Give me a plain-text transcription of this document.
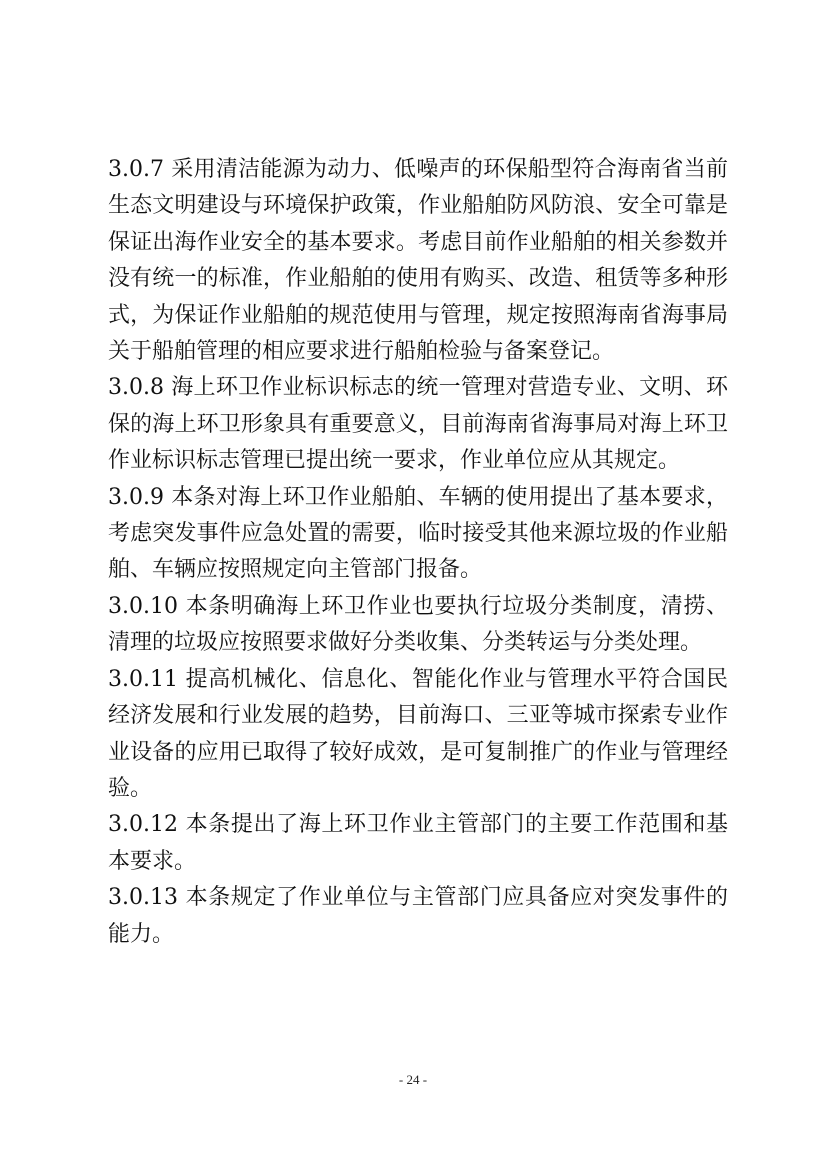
3.0.7 采用清洁能源为动力、低噪声的环保船型符合海南省当前生态文明建设与环境保护政策，作业船舶防风防浪、安全可靠是保证出海作业安全的基本要求。考虑目前作业船舶的相关参数并没有统一的标准，作业船舶的使用有购买、改造、租赁等多种形式，为保证作业船舶的规范使用与管理，规定按照海南省海事局关于船舶管理的相应要求进行船舶检验与备案登记。

3.0.8 海上环卫作业标识标志的统一管理对营造专业、文明、环保的海上环卫形象具有重要意义，目前海南省海事局对海上环卫作业标识标志管理已提出统一要求，作业单位应从其规定。

3.0.9 本条对海上环卫作业船舶、车辆的使用提出了基本要求，考虑突发事件应急处置的需要，临时接受其他来源垃圾的作业船舶、车辆应按照规定向主管部门报备。

3.0.10 本条明确海上环卫作业也要执行垃圾分类制度，清捞、清理的垃圾应按照要求做好分类收集、分类转运与分类处理。

3.0.11 提高机械化、信息化、智能化作业与管理水平符合国民经济发展和行业发展的趋势，目前海口、三亚等城市探索专业作业设备的应用已取得了较好成效，是可复制推广的作业与管理经验。

3.0.12 本条提出了海上环卫作业主管部门的主要工作范围和基本要求。

3.0.13 本条规定了作业单位与主管部门应具备应对突发事件的能力。

- 24 -
